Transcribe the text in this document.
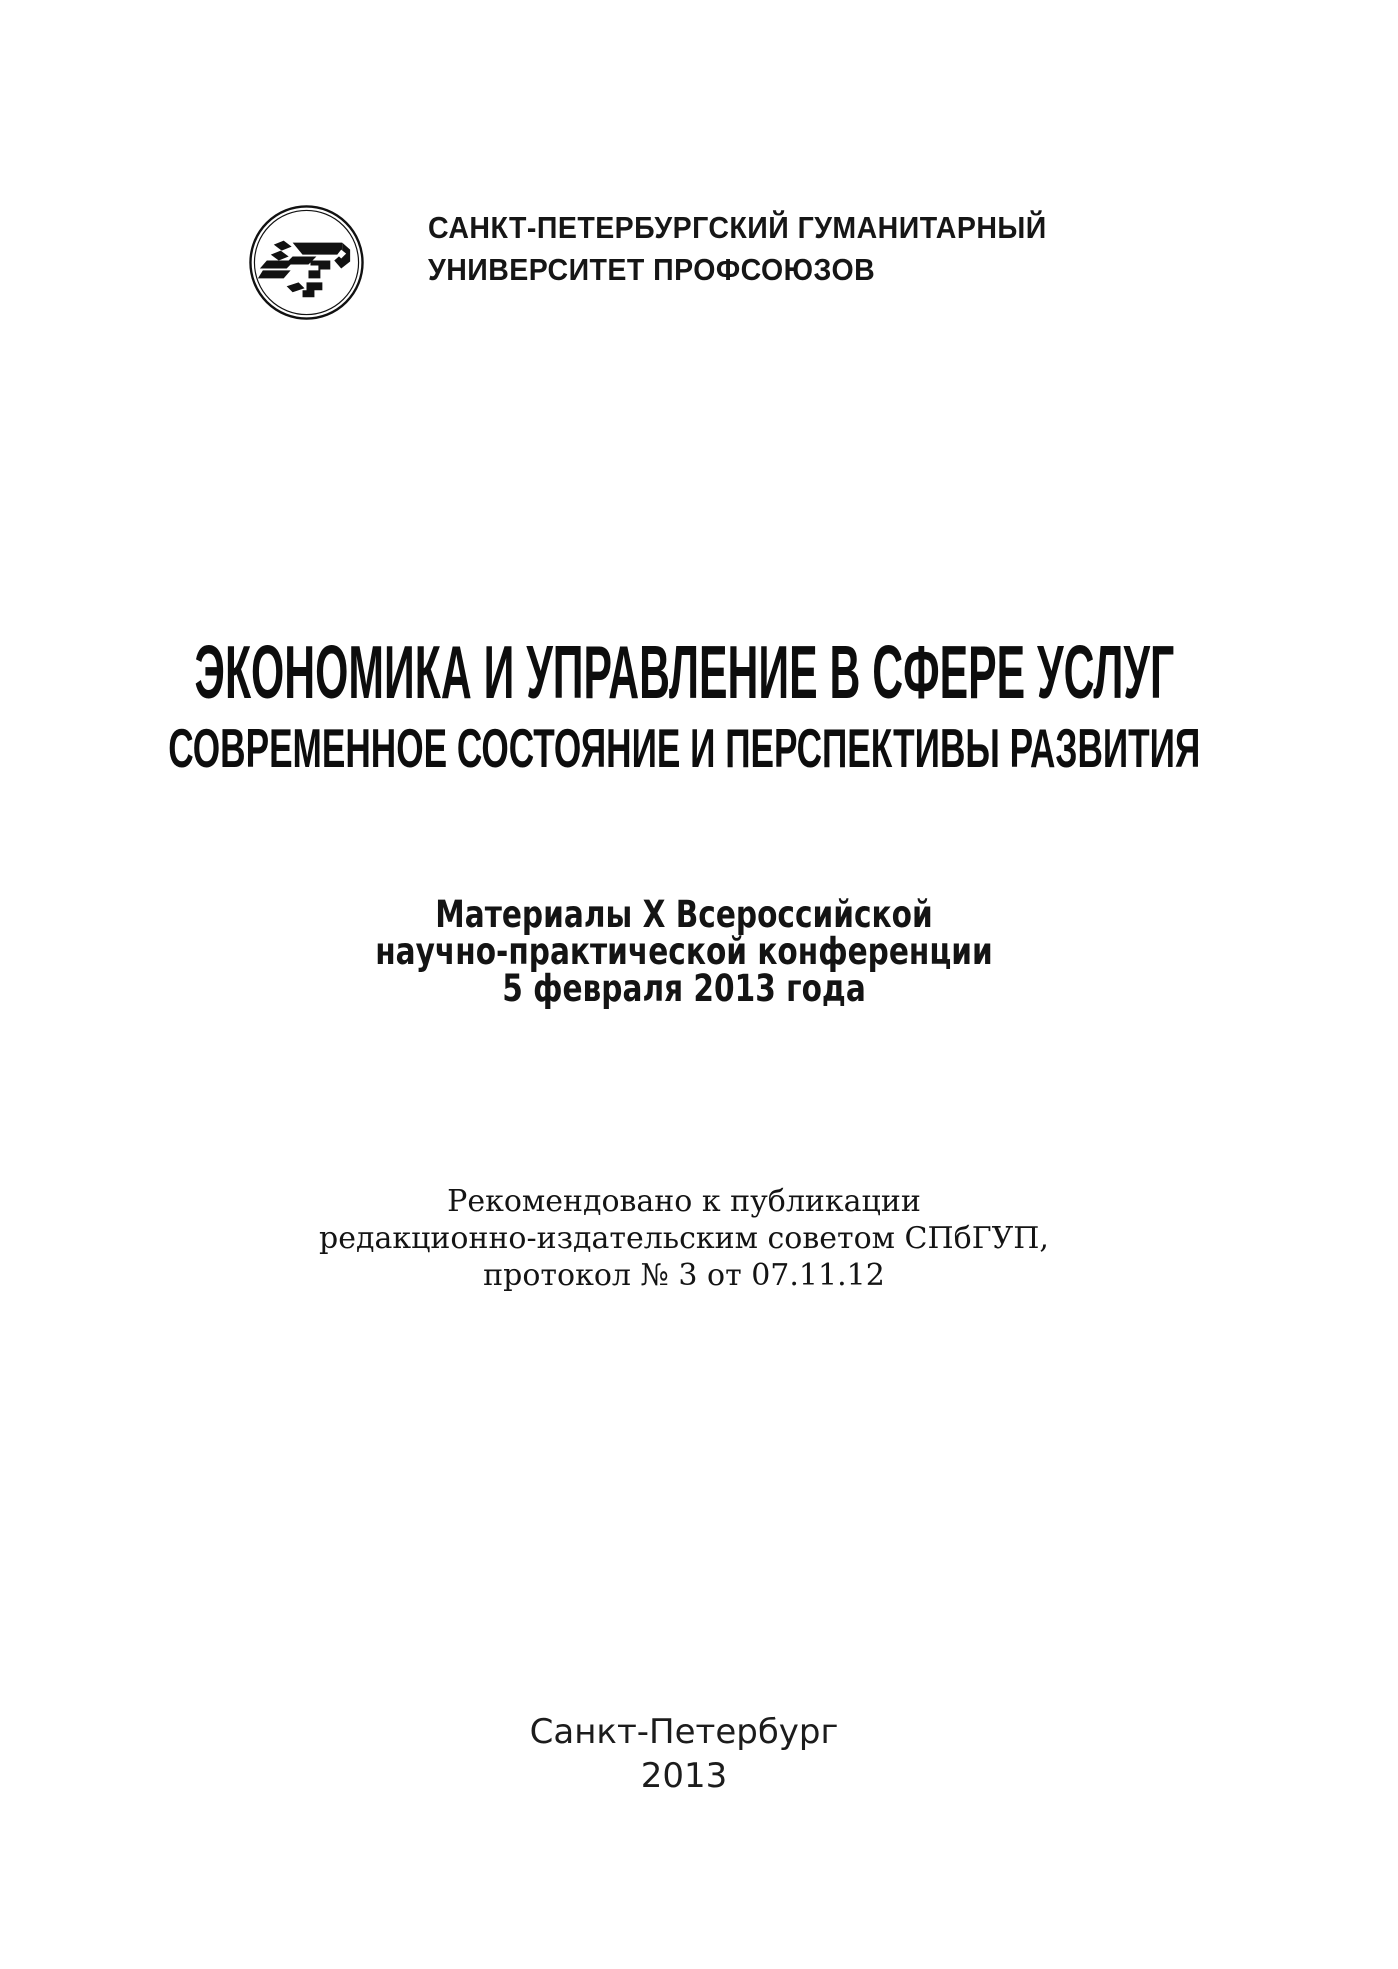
САНКТ-ПЕТЕРБУРГСКИЙ ГУМАНИТАРНЫЙ
УНИВЕРСИТЕТ ПРОФСОЮЗОВ
ЭКОНОМИКА И УПРАВЛЕНИЕ В СФЕРЕ УСЛУГ
СОВРЕМЕННОЕ СОСТОЯНИЕ И ПЕРСПЕКТИВЫ РАЗВИТИЯ
Материалы X Всероссийской
научно-практической конференции
5 февраля 2013 года
Рекомендовано к публикации
редакционно-издательским советом СПбГУП,
протокол № 3 от 07.11.12
Санкт-Петербург
2013
